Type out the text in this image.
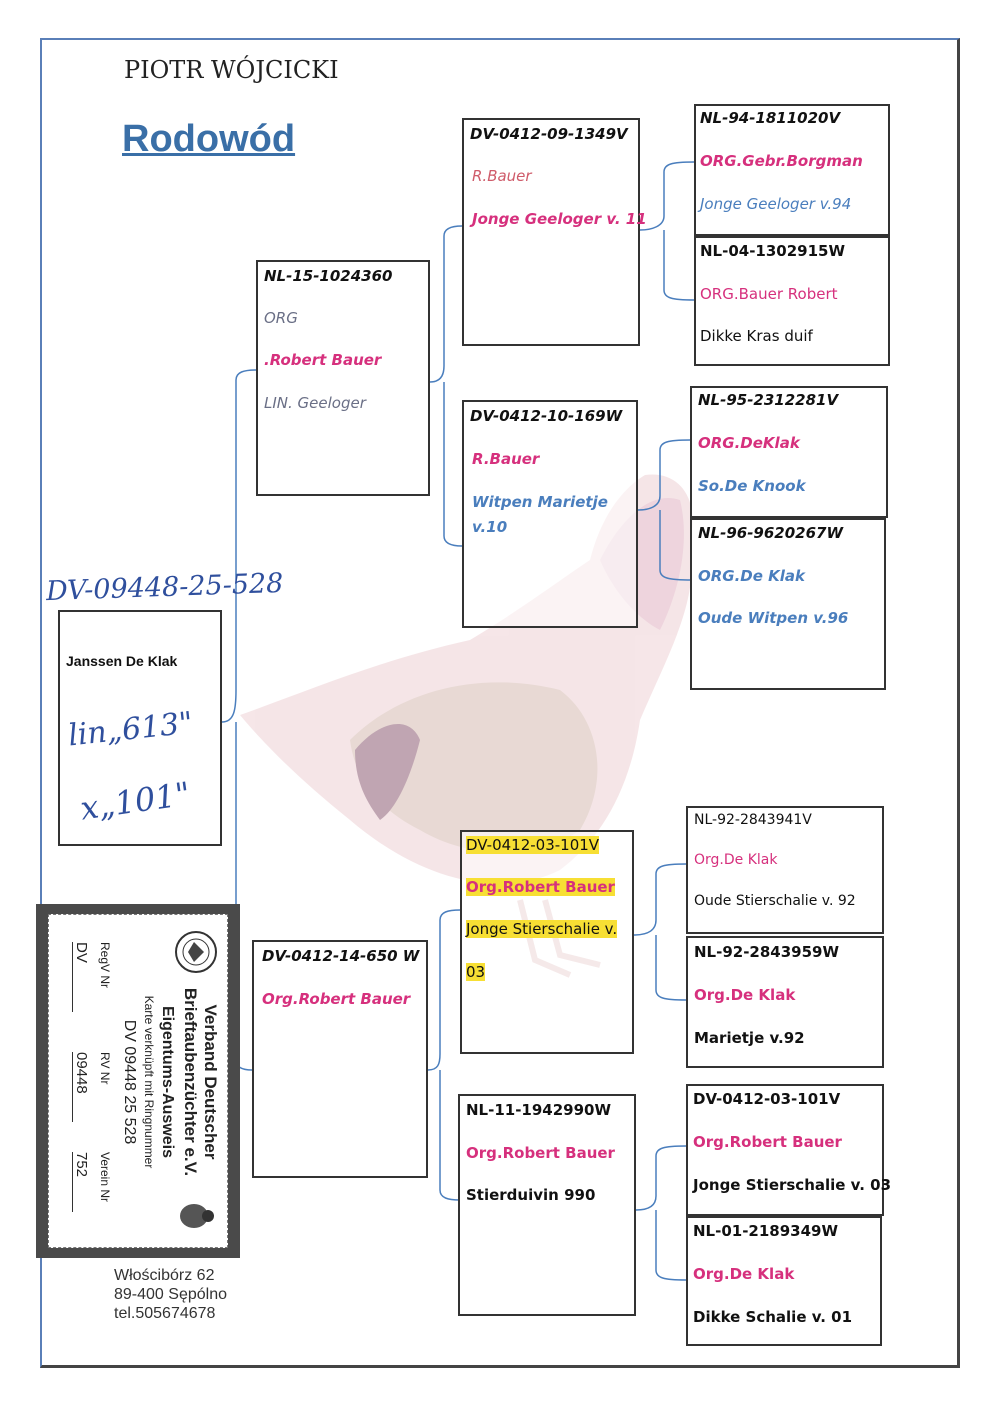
PIOTR WÓJCICKI
Rodowód
DV-09448-25-528
Janssen De Klak
lin„613"
x„101"
NL-15-1024360
ORG
.Robert Bauer
LIN. Geeloger
DV-0412-09-1349V
R.Bauer
Jonge Geeloger v. 11
NL-94-1811020V
ORG.Gebr.Borgman
Jonge Geeloger v.94
NL-04-1302915W
ORG.Bauer Robert
Dikke Kras duif
DV-0412-10-169W
R.Bauer
Witpen Marietje
v.10
NL-95-2312281V
ORG.DeKlak
So.De Knook
NL-96-9620267W
ORG.De Klak
Oude Witpen v.96
DV-0412-14-650 W
Org.Robert Bauer
DV-0412-03-101V
Org.Robert Bauer
Jonge Stierschalie v.
03
NL-92-2843941V
Org.De Klak
Oude Stierschalie v. 92
NL-92-2843959W
Org.De Klak
Marietje v.92
NL-11-1942990W
Org.Robert Bauer
Stierduivin 990
DV-0412-03-101V
Org.Robert Bauer
Jonge Stierschalie v. 03
NL-01-2189349W
Org.De Klak
Dikke Schalie v. 01
Verband Deutscher
Brieftaubenzüchter e.V.
Eigentums-Ausweis
Karte verknüpft mit Ringnummer
DV 09448 25 528
RegV Nr
RV Nr
Verein Nr
DV
09448
752
Włościbórz 62
89-400 Sępólno
tel.505674678
